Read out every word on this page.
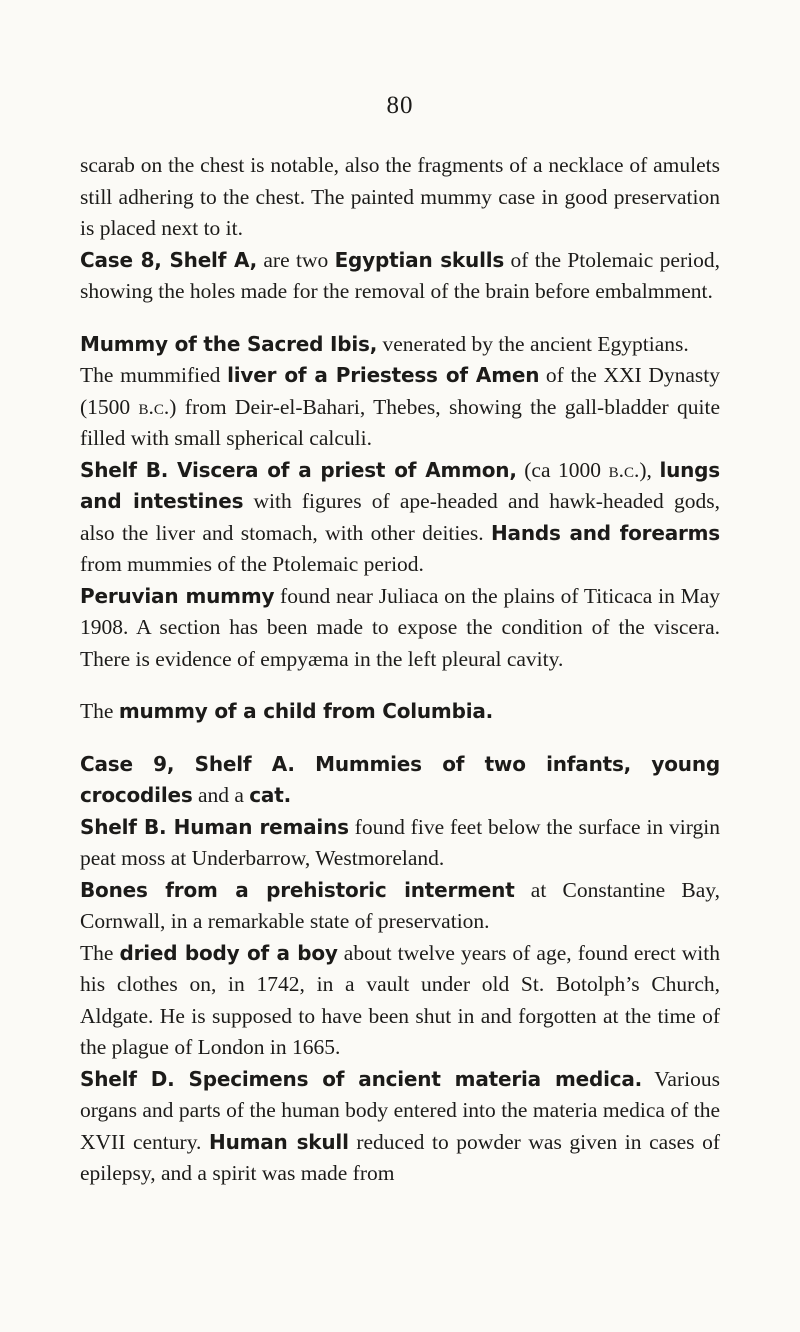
80

scarab on the chest is notable, also the fragments of a necklace of amulets still adhering to the chest. The painted mummy case in good preservation is placed next to it.

Case 8, Shelf A, are two Egyptian skulls of the Ptolemaic period, showing the holes made for the removal of the brain before embalmment.

Mummy of the Sacred Ibis, venerated by the ancient Egyptians.

The mummified liver of a Priestess of Amen of the XXI Dynasty (1500 b.c.) from Deir-el-Bahari, Thebes, showing the gall-bladder quite filled with small spherical calculi.

Shelf B. Viscera of a priest of Ammon, (ca 1000 b.c.), lungs and intestines with figures of ape-headed and hawk-headed gods, also the liver and stomach, with other deities. Hands and forearms from mummies of the Ptolemaic period.

Peruvian mummy found near Juliaca on the plains of Titicaca in May 1908. A section has been made to expose the condition of the viscera. There is evidence of empyæma in the left pleural cavity.

The mummy of a child from Columbia.

Case 9, Shelf A. Mummies of two infants, young crocodiles and a cat.

Shelf B. Human remains found five feet below the surface in virgin peat moss at Underbarrow, Westmoreland.

Bones from a prehistoric interment at Constantine Bay, Cornwall, in a remarkable state of preservation.

The dried body of a boy about twelve years of age, found erect with his clothes on, in 1742, in a vault under old St. Botolph’s Church, Aldgate. He is supposed to have been shut in and forgotten at the time of the plague of London in 1665.

Shelf D. Specimens of ancient materia medica. Various organs and parts of the human body entered into the materia medica of the XVII century. Human skull reduced to powder was given in cases of epilepsy, and a spirit was made from
